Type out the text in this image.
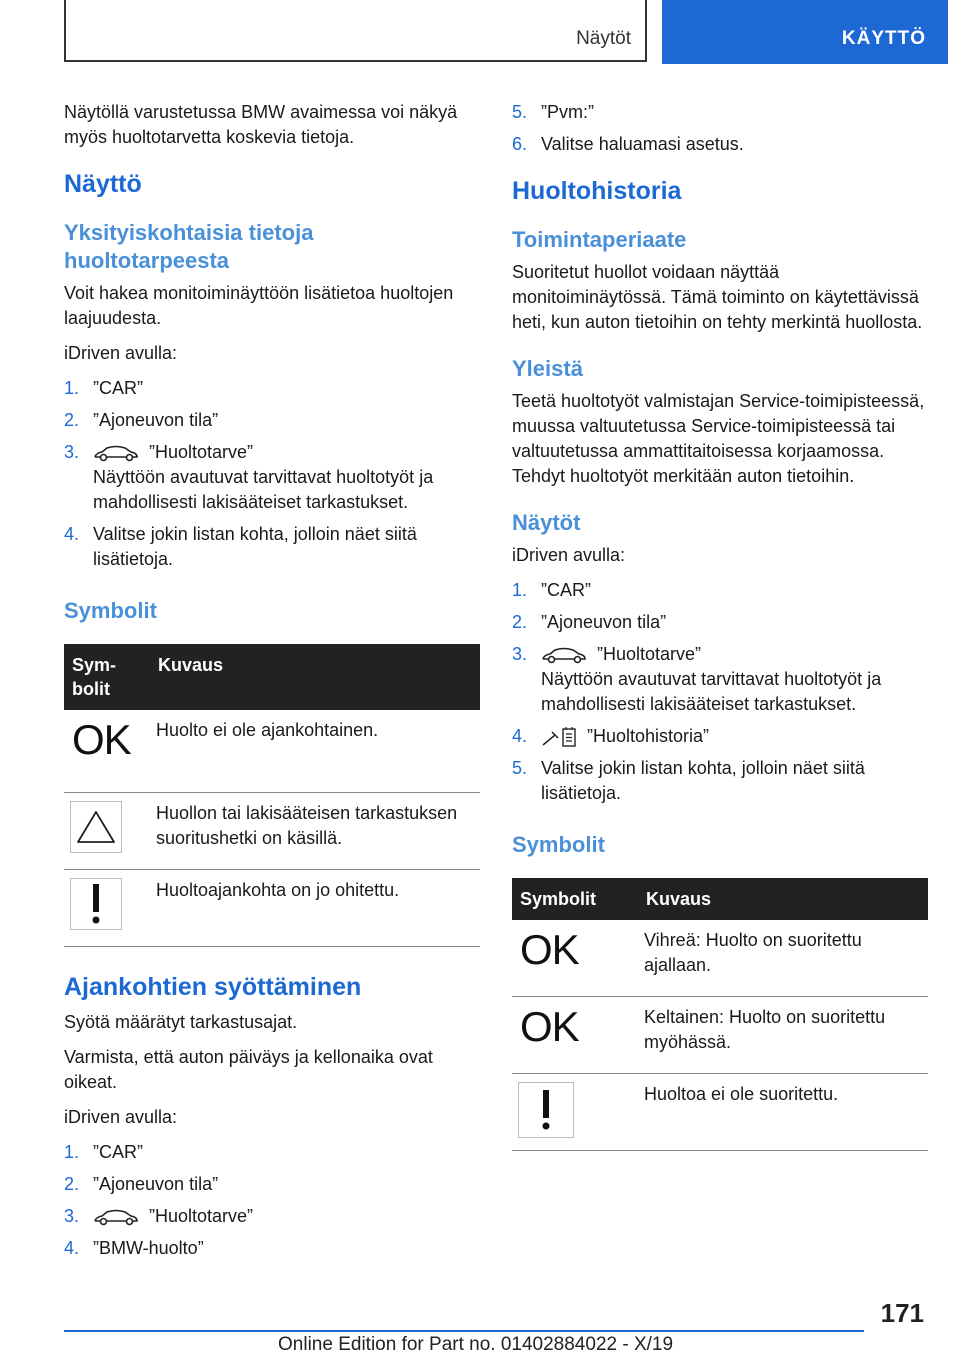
Näytöt	KÄYTTÖ

Näytöllä varustetussa BMW avaimessa voi näkyä myös huoltotarvetta koskevia tietoja.

Näyttö
Yksityiskohtaisia tietoja huoltotarpeesta

Voit hakea monitoiminäyttöön lisätietoa huoltojen laajuudesta.

iDriven avulla:

1. ”CAR”
2. ”Ajoneuvon tila”
3.	”Huoltotarve”
Näyttöön avautuvat tarvittavat huoltotyöt ja mahdollisesti lakisääteiset tarkastukset.
4. Valitse jokin listan kohta, jolloin näet siitä lisätietoja.
Symbolit
Sym-bolit	Kuvaus
OK	Huolto ei ole ajankohtainen.

	Huollon tai lakisääteisen tarkastuksen suoritushetki on käsillä.

	Huoltoajankohta on jo ohitettu.
Ajankohtien syöttäminen

Syötä määrätyt tarkastusajat.

Varmista, että auton päiväys ja kellonaika ovat oikeat.

iDriven avulla:

1. ”CAR”
2. ”Ajoneuvon tila”
3.	”Huoltotarve”
4. ”BMW-huolto”
5. ”Pvm:”
6. Valitse haluamasi asetus.
Huoltohistoria
Toimintaperiaate

Suoritetut huollot voidaan näyttää monitoiminäytössä. Tämä toiminto on käytettävissä heti, kun auton tietoihin on tehty merkintä huollosta.

Yleistä

Teetä huoltotyöt valmistajan Service-toimipisteessä, muussa valtuutetussa Service-toimipisteessä tai valtuutetussa ammattitaitoisessa korjaamossa. Tehdyt huoltotyöt merkitään auton tietoihin.

Näytöt

iDriven avulla:

1. ”CAR”
2. ”Ajoneuvon tila”
3.	”Huoltotarve”
Näyttöön avautuvat tarvittavat huoltotyöt ja mahdollisesti lakisääteiset tarkastukset.
4.	”Huoltohistoria”
5. Valitse jokin listan kohta, jolloin näet siitä lisätietoja.
Symbolit
Symbolit	Kuvaus
OK	Vihreä: Huolto on suoritettu ajallaan.
OK	Keltainen: Huolto on suoritettu myöhässä.

	Huoltoa ei ole suoritettu.
171
Online Edition for Part no. 01402884022 - X/19
